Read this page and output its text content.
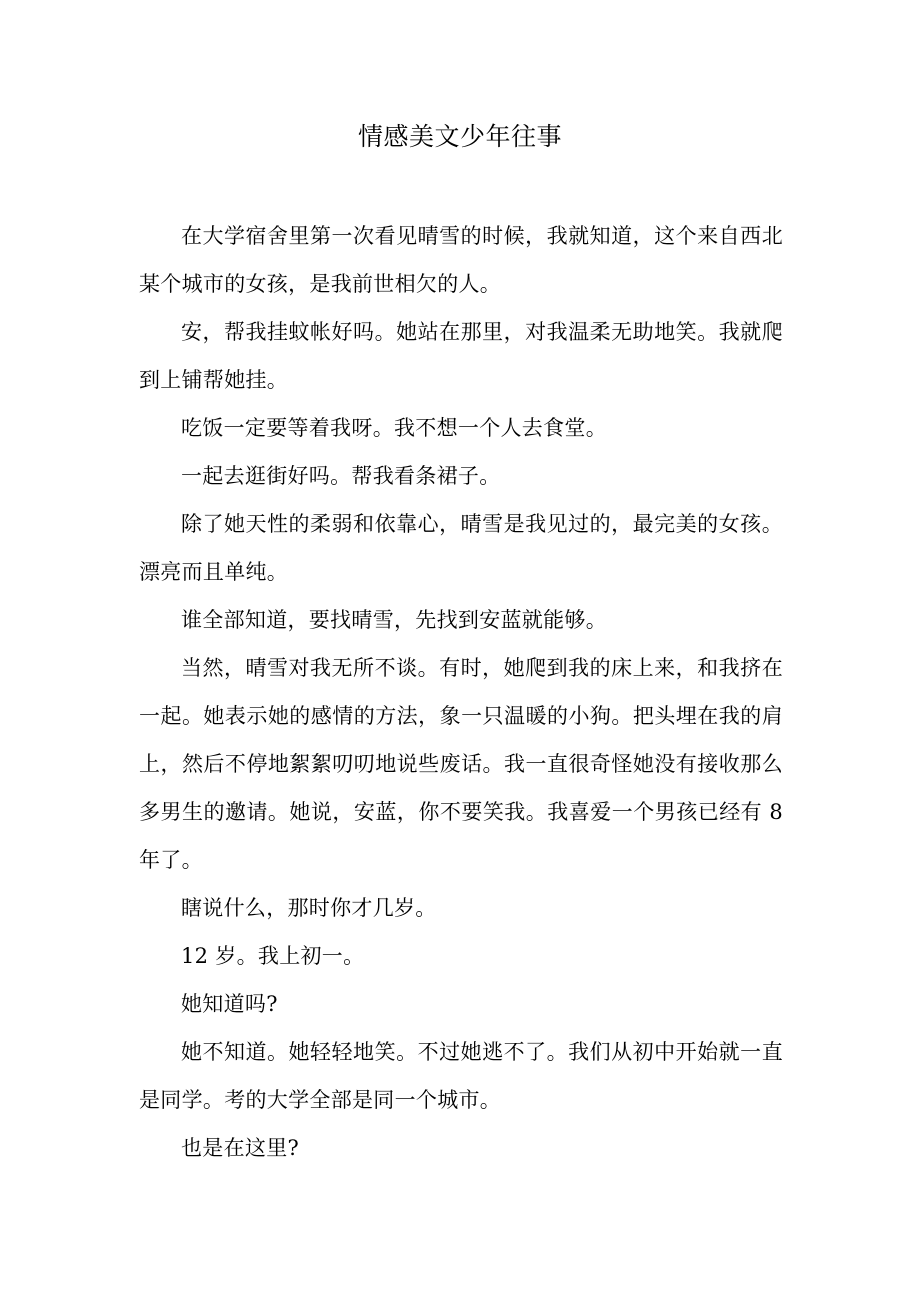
情感美文少年往事

在大学宿舍里第一次看见晴雪的时候，我就知道，这个来自西北某个城市的女孩，是我前世相欠的人。

安，帮我挂蚊帐好吗。她站在那里，对我温柔无助地笑。我就爬到上铺帮她挂。

吃饭一定要等着我呀。我不想一个人去食堂。

一起去逛街好吗。帮我看条裙子。

除了她天性的柔弱和依靠心，晴雪是我见过的，最完美的女孩。漂亮而且单纯。

谁全部知道，要找晴雪，先找到安蓝就能够。

当然，晴雪对我无所不谈。有时，她爬到我的床上来，和我挤在一起。她表示她的感情的方法，象一只温暖的小狗。把头埋在我的肩上，然后不停地絮絮叨叨地说些废话。我一直很奇怪她没有接收那么多男生的邀请。她说，安蓝，你不要笑我。我喜爱一个男孩已经有 8 年了。

瞎说什么，那时你才几岁。

12 岁。我上初一。

她知道吗?

她不知道。她轻轻地笑。不过她逃不了。我们从初中开始就一直是同学。考的大学全部是同一个城市。

也是在这里?
